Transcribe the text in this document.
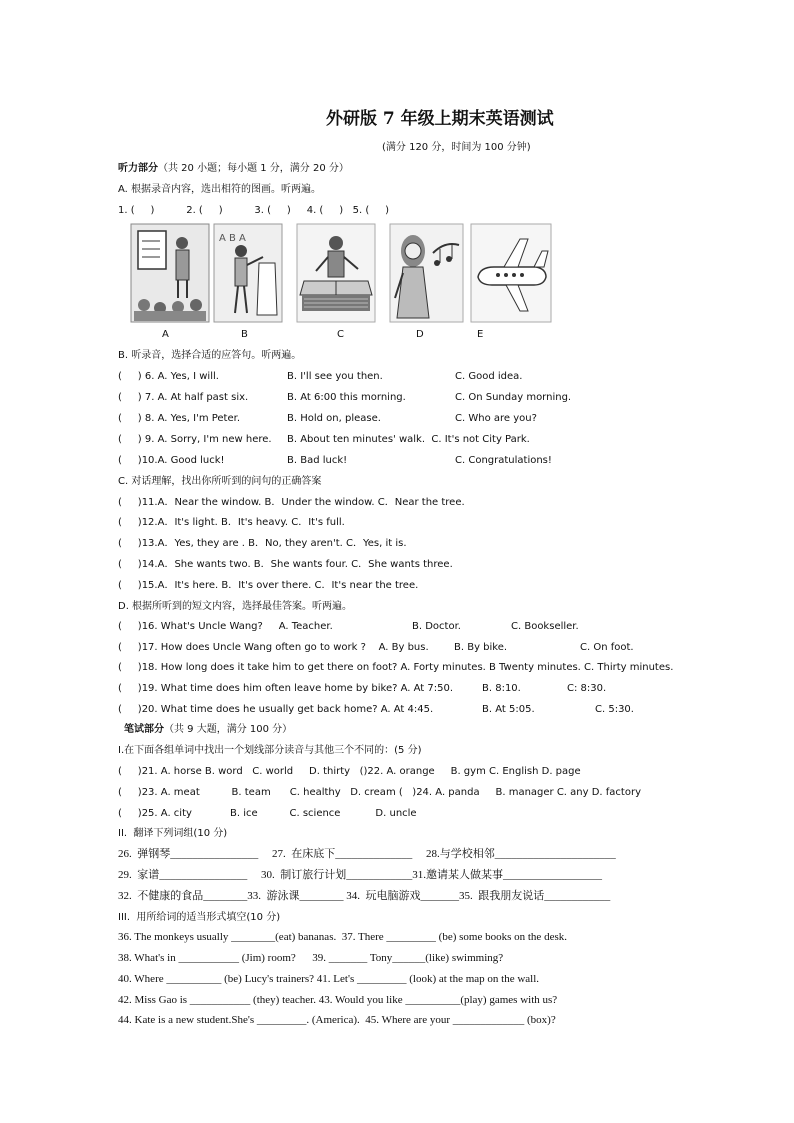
外研版 7 年级上期末英语测试
(满分 120 分，时间为 100 分钟)
听力部分（共 20 小题；每小题 1 分，满分 20 分）
A. 根据录音内容，选出相符的图画。听两遍。
1. (     )          2. (     )          3. (     )     4. (     )   5. (     )
A B A
A	B	C	D	E
B. 听录音，选择合适的应答句。听两遍。
(     ) 6. A. Yes, I will.	B. I'll see you then.	C. Good idea.
(     ) 7. A. At half past six.	B. At 6:00 this morning.	C. On Sunday morning.
(     ) 8. A. Yes, I'm Peter.	B. Hold on, please.	C. Who are you?
(     ) 9. A. Sorry, I'm new here. B. About ten minutes' walk.  C. It's not City Park.
(     )10.A. Good luck!	B. Bad luck!	C. Congratulations!
C. 对话理解，找出你所听到的问句的正确答案
(     )11.A．Near the window. B．Under the window. C．Near the tree.
(     )12.A．It's light. B．It's heavy. C．It's full.
(     )13.A．Yes, they are . B．No, they aren't. C．Yes, it is.
(     )14.A．She wants two. B．She wants four. C．She wants three.
(     )15.A．It's here. B．It's over there. C．It's near the tree.
D. 根据所听到的短文内容，选择最佳答案。听两遍。
(     )16. What's Uncle Wang?     A. Teacher.	B. Doctor.	C. Bookseller.
(     )17. How does Uncle Wang often go to work ?    A. By bus.	B. By bike.	C. On foot.
(     )18. How long does it take him to get there on foot? A. Forty minutes. B Twenty minutes. C. Thirty minutes.
(     )19. What time does him often leave home by bike? A. At 7:50.	B. 8:10.	C: 8:30.
(     )20. What time does he usually get back home? A. At 4:45.	B. At 5:05.	C. 5:30.
笔试部分（共 9 大题，满分 100 分）
I.在下面各组单词中找出一个划线部分读音与其他三个不同的：(5 分)
(     )21. A. horse B. word   C. world     D. thirty   ()22. A. orange     B. gym C. English D. page
(     )23. A. meat          B. team      C. healthy   D. cream (   )24. A. panda     B. manager C. any D. factory
(     )25. A. city            B. ice          C. science           D. uncle
II.  翻译下列词组(10 分)
26.  弹钢琴________________     27.  在床底下______________     28.与学校相邻______________________
29.  家谱________________     30.  制订旅行计划____________31.邀请某人做某事__________________
32.  不健康的食品________33.  游泳课________ 34.  玩电脑游戏_______35.  跟我朋友说话____________
III.  用所给词的适当形式填空(10 分)
36. The monkeys usually ________(eat) bananas.  37. There _________ (be) some books on the desk.
38. What's in ___________ (Jim) room?      39. _______ Tony______(like) swimming?
40. Where __________ (be) Lucy's trainers? 41. Let's _________ (look) at the map on the wall.
42. Miss Gao is ___________ (they) teacher. 43. Would you like __________(play) games with us?
44. Kate is a new student.She's _________. (America).  45. Where are your _____________ (box)?
